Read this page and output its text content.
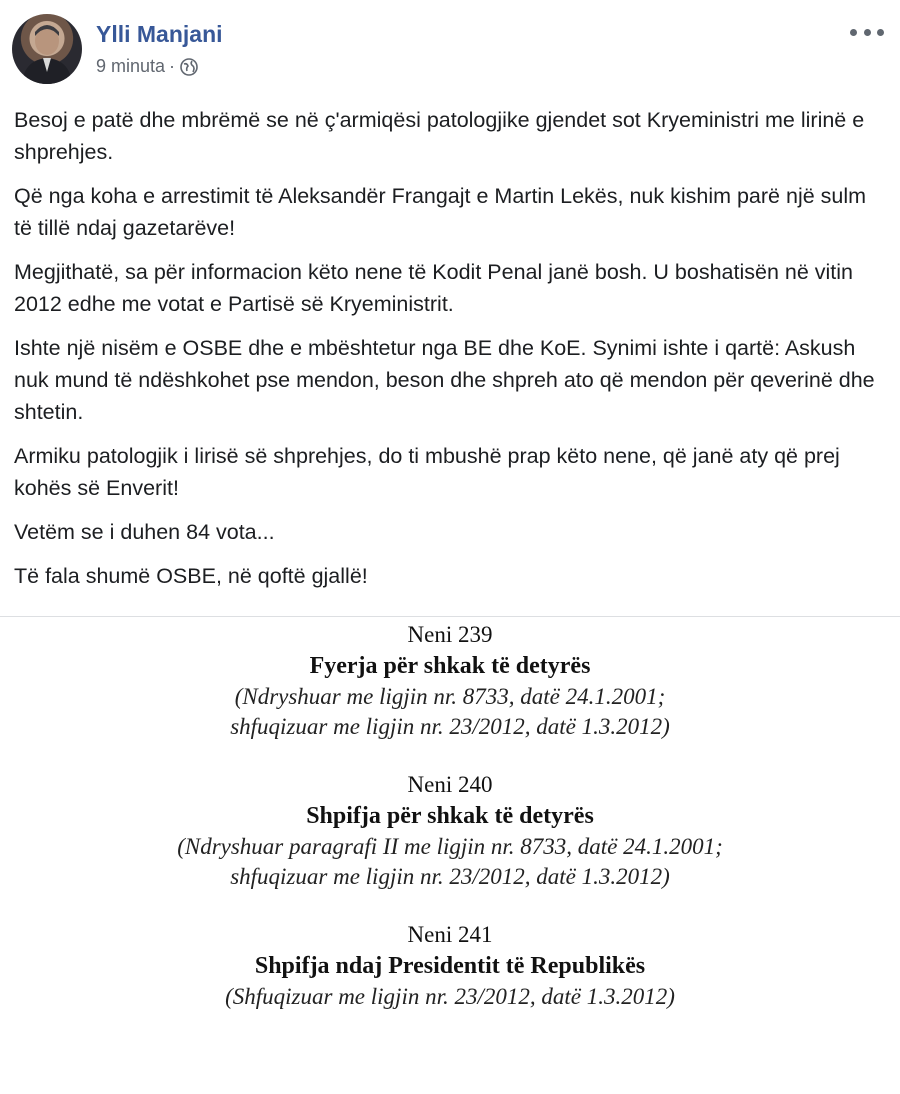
Ylli Manjani
9 minuta ·

Besoj e patë dhe mbrëmë se në ç'armiqësi patologjike gjendet sot Kryeministri me lirinë e shprehjes.

Që nga koha e arrestimit të Aleksandër Frangajt e Martin Lekës, nuk kishim parë një sulm të tillë ndaj gazetarëve!

Megjithatë, sa për informacion këto nene të Kodit Penal janë bosh. U boshatisën në vitin 2012 edhe me votat e Partisë së Kryeministrit.

Ishte një nisëm e OSBE dhe e mbështetur nga BE dhe KoE. Synimi ishte i qartë: Askush nuk mund të ndëshkohet pse mendon, beson dhe shpreh ato që mendon për qeverinë dhe shtetin.

Armiku patologjik i lirisë së shprehjes, do ti mbushë prap këto nene, që janë aty që prej kohës së Enverit!

Vetëm se i duhen 84 vota...

Të fala shumë OSBE, në qoftë gjallë!

Neni 239
Fyerja për shkak të detyrës
(Ndryshuar me ligjin nr. 8733, datë 24.1.2001;
shfuqizuar me ligjin nr. 23/2012, datë 1.3.2012)
Neni 240
Shpifja për shkak të detyrës
(Ndryshuar paragrafi II me ligjin nr. 8733, datë 24.1.2001;
shfuqizuar me ligjin nr. 23/2012, datë 1.3.2012)
Neni 241
Shpifja ndaj Presidentit të Republikës
(Shfuqizuar me ligjin nr. 23/2012, datë 1.3.2012)
